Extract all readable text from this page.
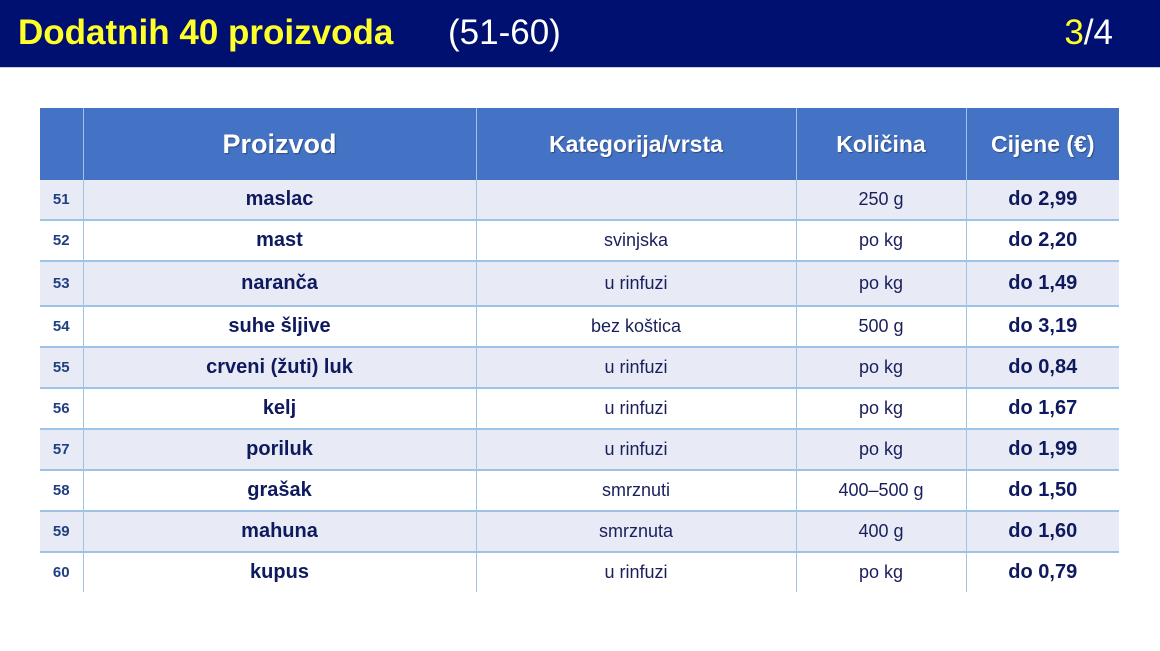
Dodatnih 40 proizvoda (51-60)	3/4
	Proizvod	Kategorija/vrsta	Količina	Cijene (€)
51	maslac		250 g	do 2,99
52	mast	svinjska	po kg	do 2,20
53	naranča	u rinfuzi	po kg	do 1,49
54	suhe šljive	bez koštica	500 g	do 3,19
55	crveni (žuti) luk	u rinfuzi	po kg	do 0,84
56	kelj	u rinfuzi	po kg	do 1,67
57	poriluk	u rinfuzi	po kg	do 1,99
58	grašak	smrznuti	400–500 g	do 1,50
59	mahuna	smrznuta	400 g	do 1,60
60	kupus	u rinfuzi	po kg	do 0,79
